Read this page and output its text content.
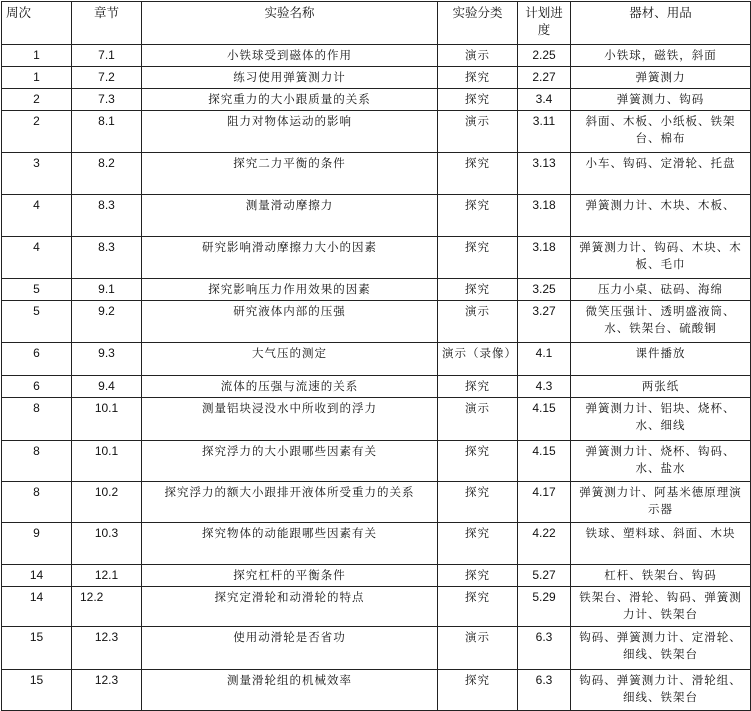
周次	章节	实验名称	实验分类	计划进度	器材、用品
1	7.1	小铁球受到磁体的作用	演示	2.25	小铁球，磁铁，斜面
1	7.2	练习使用弹簧测力计	探究	2.27	弹簧测力
2	7.3	探究重力的大小跟质量的关系	探究	3.4	弹簧测力、钩码
2	8.1	阻力对物体运动的影响	演示	3.11	斜面、木板、小纸板、铁架台、棉布
3	8.2	探究二力平衡的条件	探究	3.13	小车、钩码、定滑轮、托盘
4	8.3	测量滑动摩擦力	探究	3.18	弹簧测力计、木块、木板、
4	8.3	研究影响滑动摩擦力大小的因素	探究	3.18	弹簧测力计、钩码、木块、木板、毛巾
5	9.1	探究影响压力作用效果的因素	探究	3.25	压力小桌、砝码、海绵
5	9.2	研究液体内部的压强	演示	3.27	微笑压强计、透明盛液筒、水、铁架台、硫酸铜
6	9.3	大气压的测定	演示（录像）	4.1	课件播放
6	9.4	流体的压强与流速的关系	探究	4.3	两张纸
8	10.1	测量铝块浸没水中所收到的浮力	演示	4.15	弹簧测力计、铝块、烧杯、水、细线
8	10.1	探究浮力的大小跟哪些因素有关	探究	4.15	弹簧测力计、烧杯、钩码、水、盐水
8	10.2	探究浮力的额大小跟排开液体所受重力的关系	探究	4.17	弹簧测力计、阿基米德原理演示器
9	10.3	探究物体的动能跟哪些因素有关	探究	4.22	铁球、塑料球、斜面、木块
14	12.1	探究杠杆的平衡条件	探究	5.27	杠杆、铁架台、钩码
14	12.2	探究定滑轮和动滑轮的特点	探究	5.29	铁架台、滑轮、钩码、弹簧测力计、铁架台
15	12.3	使用动滑轮是否省功	演示	6.3	钩码、弹簧测力计、定滑轮、细线、铁架台
15	12.3	测量滑轮组的机械效率	探究	6.3	钩码、弹簧测力计、滑轮组、细线、铁架台
